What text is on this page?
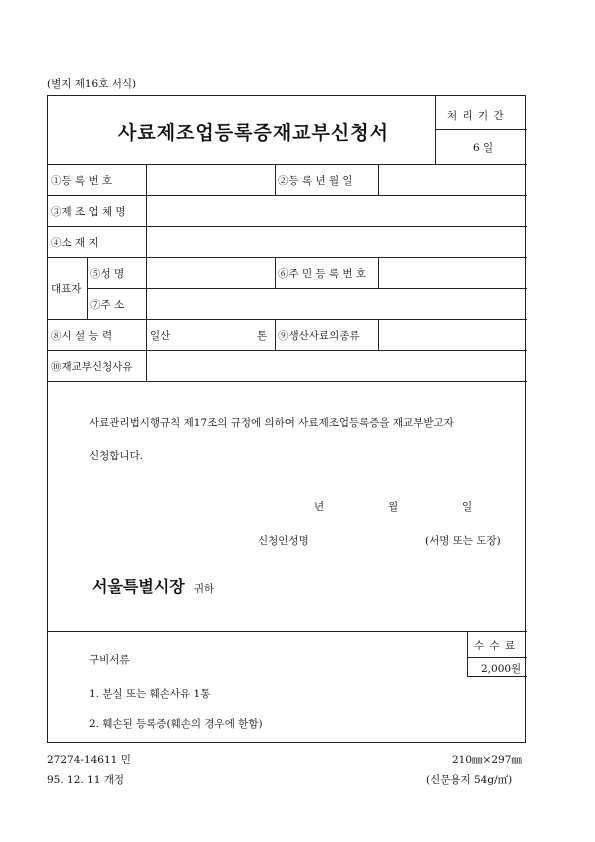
(별지 제16호 서식)
사료제조업등록증재교부신청서
처 리 기 간
6 일
①등 록 번 호	②등 록 년 월 일
③제 조 업 체 명
④소 재 지
대표자
⑤성 명	⑥주 민 등 록 번 호
⑦주 소
⑧시 설 능 력	일산	톤 ⑨생산사료의종류
⑩재교부신청사유
사료관리법시행규칙 제17조의 규정에 의하여 사료제조업등록증을 재교부받고자
신청합니다.
년	월	일
신청인성명	(서명 또는 도장)
서울특별시장 귀하
구비서류
1. 분실 또는 훼손사유 1통
2. 훼손된 등록증(훼손의 경우에 한함)
수 수 료
2,000원
27274-14611 민
95. 12. 11 개정
210㎜×297㎜
(신문용지 54g/㎡)
